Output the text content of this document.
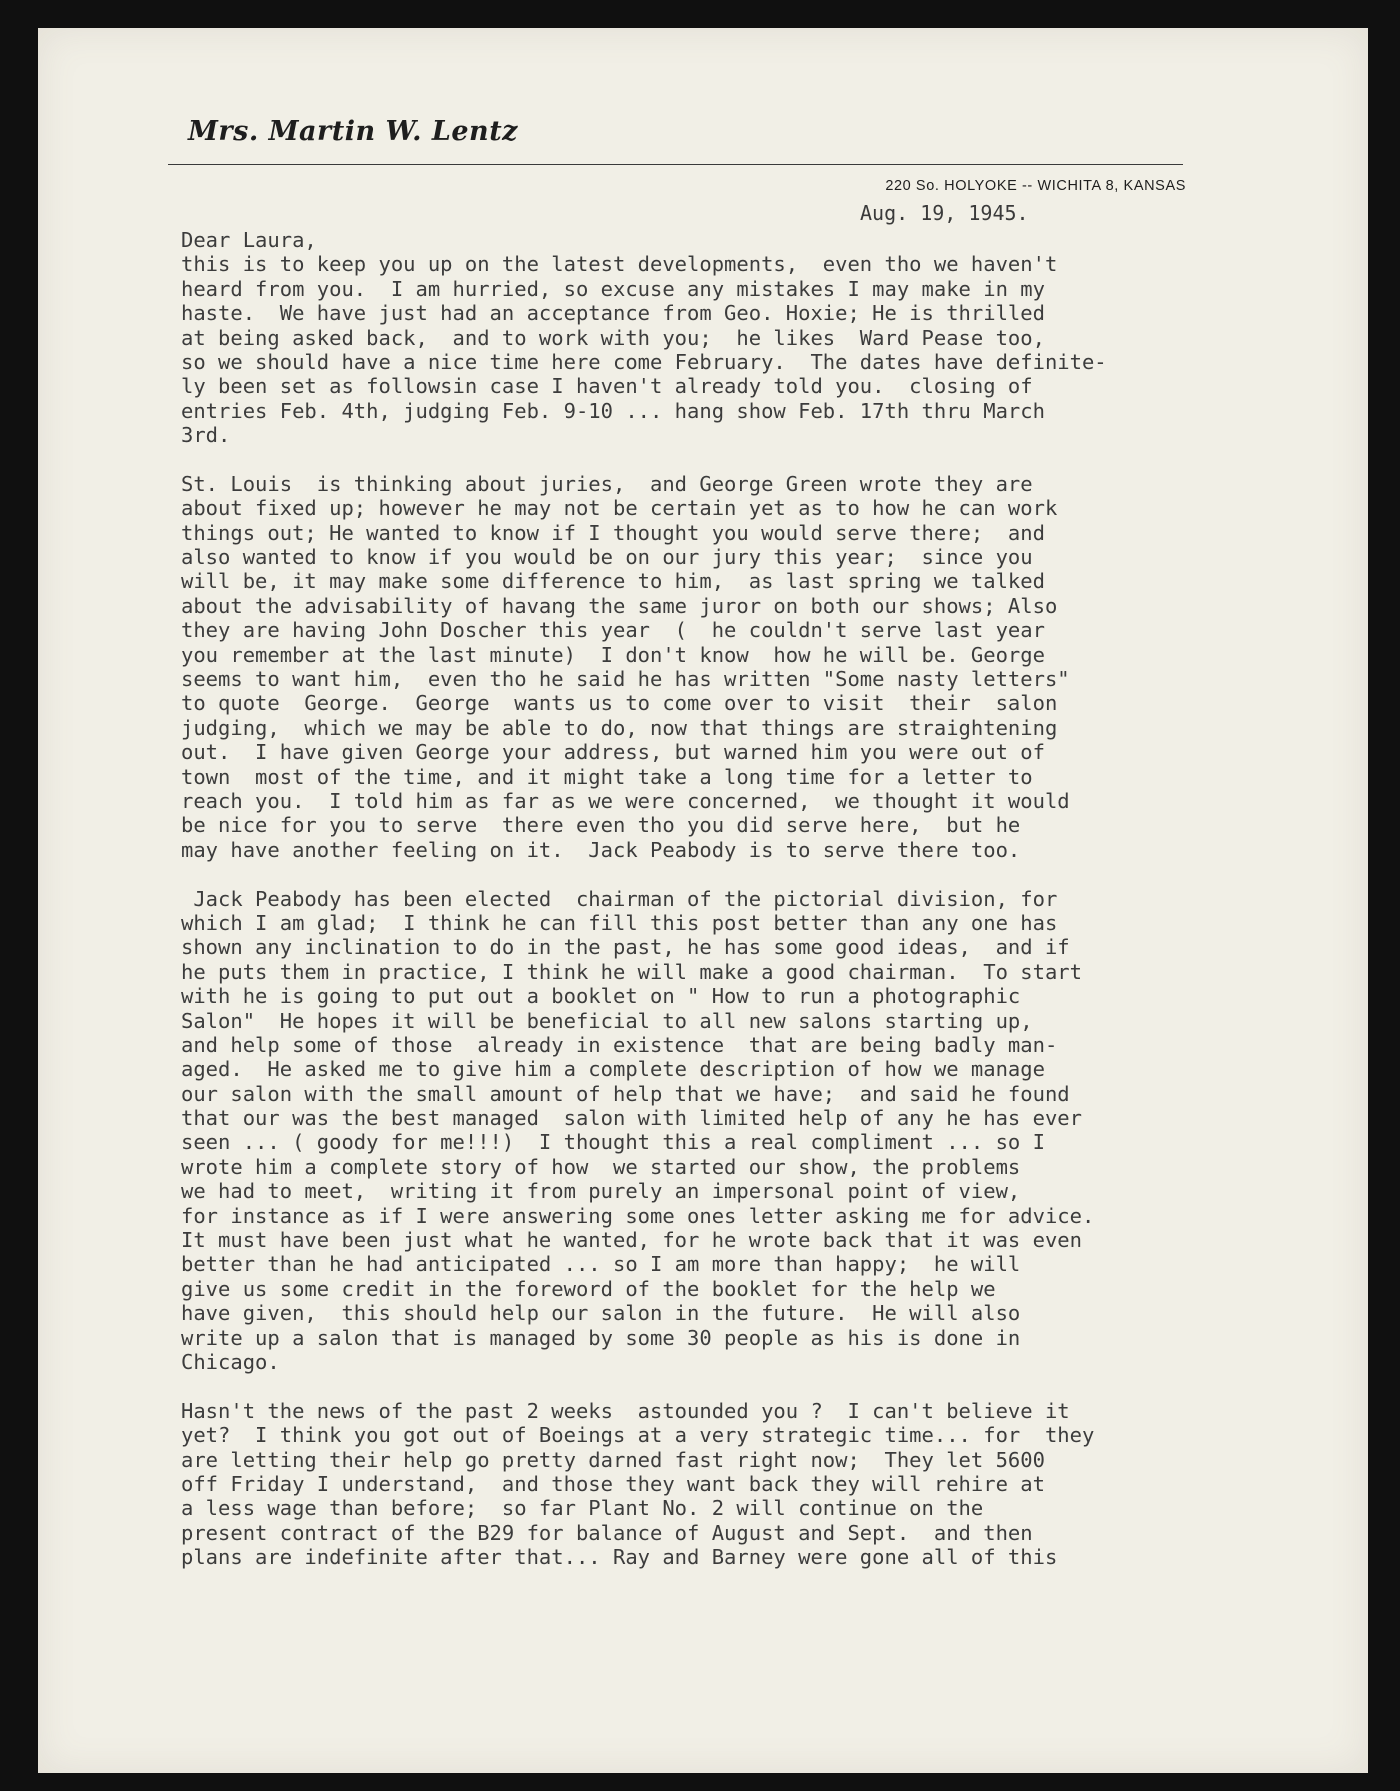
Mrs. Martin W. Lentz
220 So. HOLYOKE -- WICHITA 8, KANSAS
Aug. 19, 1945.
Dear Laura,
this is to keep you up on the latest developments,  even tho we haven't
heard from you.  I am hurried, so excuse any mistakes I may make in my
haste.  We have just had an acceptance from Geo. Hoxie; He is thrilled
at being asked back,  and to work with you;  he likes  Ward Pease too,
so we should have a nice time here come February.  The dates have definite-
ly been set as followsin case I haven't already told you.  closing of
entries Feb. 4th, judging Feb. 9-10 ... hang show Feb. 17th thru March
3rd.
St. Louis  is thinking about juries,  and George Green wrote they are
about fixed up; however he may not be certain yet as to how he can work
things out; He wanted to know if I thought you would serve there;  and
also wanted to know if you would be on our jury this year;  since you
will be, it may make some difference to him,  as last spring we talked
about the advisability of havang the same juror on both our shows; Also
they are having John Doscher this year  (  he couldn't serve last year
you remember at the last minute)  I don't know  how he will be. George
seems to want him,  even tho he said he has written "Some nasty letters"
to quote  George.  George  wants us to come over to visit  their  salon
judging,  which we may be able to do, now that things are straightening
out.  I have given George your address, but warned him you were out of
town  most of the time, and it might take a long time for a letter to
reach you.  I told him as far as we were concerned,  we thought it would
be nice for you to serve  there even tho you did serve here,  but he
may have another feeling on it.  Jack Peabody is to serve there too.
Jack Peabody has been elected  chairman of the pictorial division, for
which I am glad;  I think he can fill this post better than any one has
shown any inclination to do in the past, he has some good ideas,  and if
he puts them in practice, I think he will make a good chairman.  To start
with he is going to put out a booklet on " How to run a photographic
Salon"  He hopes it will be beneficial to all new salons starting up,
and help some of those  already in existence  that are being badly man-
aged.  He asked me to give him a complete description of how we manage
our salon with the small amount of help that we have;  and said he found
that our was the best managed  salon with limited help of any he has ever
seen ... ( goody for me!!!)  I thought this a real compliment ... so I
wrote him a complete story of how  we started our show, the problems
we had to meet,  writing it from purely an impersonal point of view,
for instance as if I were answering some ones letter asking me for advice.
It must have been just what he wanted, for he wrote back that it was even
better than he had anticipated ... so I am more than happy;  he will
give us some credit in the foreword of the booklet for the help we
have given,  this should help our salon in the future.  He will also
write up a salon that is managed by some 30 people as his is done in
Chicago.
Hasn't the news of the past 2 weeks  astounded you ?  I can't believe it
yet?  I think you got out of Boeings at a very strategic time... for  they
are letting their help go pretty darned fast right now;  They let 5600
off Friday I understand,  and those they want back they will rehire at
a less wage than before;  so far Plant No. 2 will continue on the
present contract of the B29 for balance of August and Sept.  and then
plans are indefinite after that... Ray and Barney were gone all of this
